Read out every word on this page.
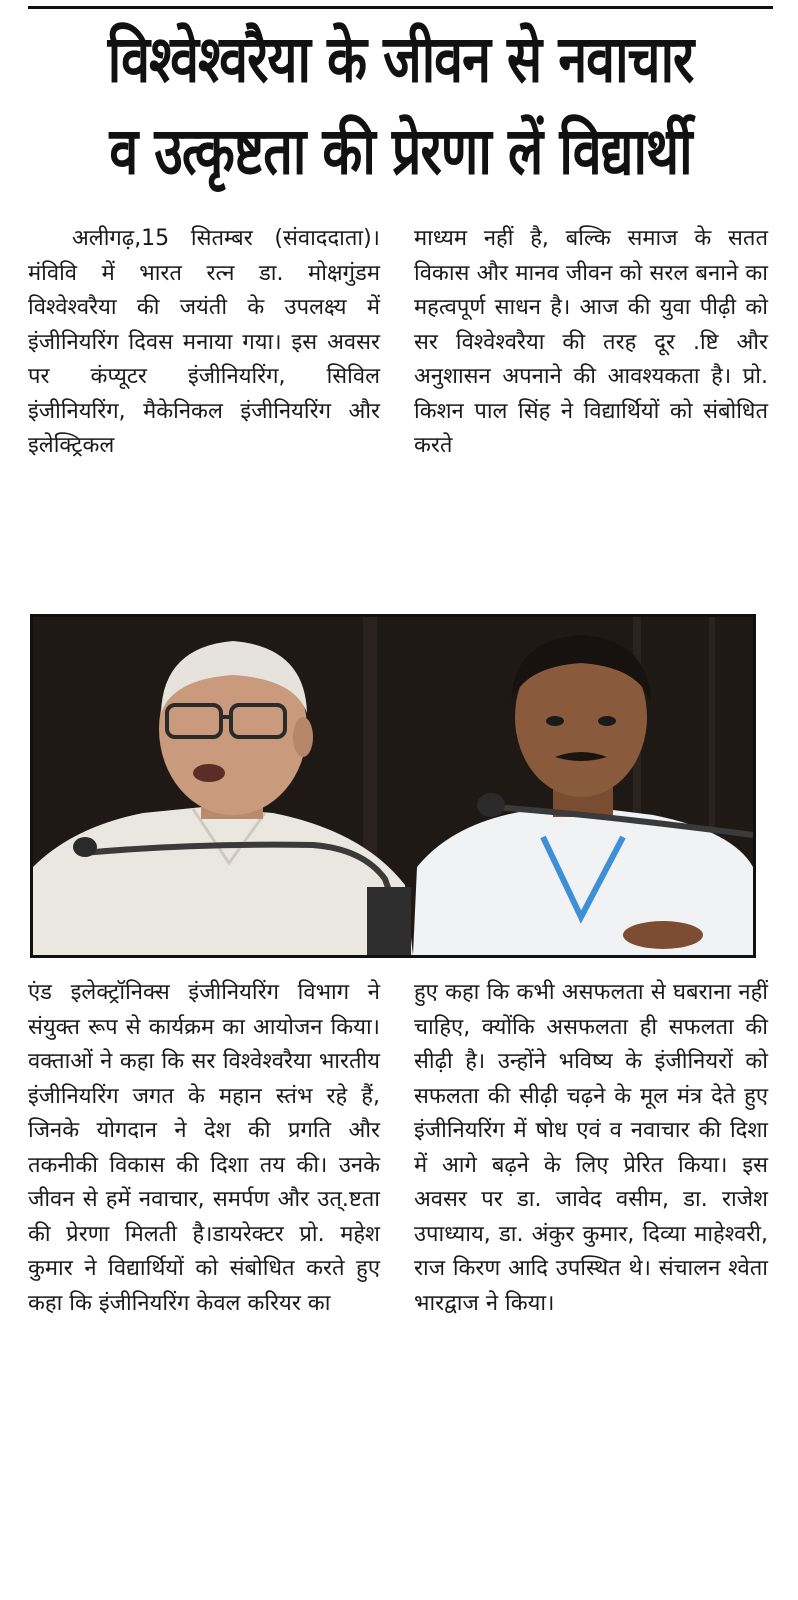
विश्वेश्वरैया के जीवन से नवाचार
व उत्कृष्टता की प्रेरणा लें विद्यार्थी

अलीगढ़,15 सितम्बर (संवाददाता)। मंविवि में भारत रत्न डा. मोक्षगुंडम विश्वेश्वरैया की जयंती के उपलक्ष्य में इंजीनियरिंग दिवस मनाया गया। इस अवसर पर कंप्यूटर इंजीनियरिंग, सिविल इंजीनियरिंग, मैकेनिकल इंजीनियरिंग और इलेक्ट्रिकल

माध्यम नहीं है, बल्कि समाज के सतत विकास और मानव जीवन को सरल बनाने का महत्वपूर्ण साधन है। आज की युवा पीढ़ी को सर विश्वेश्वरैया की तरह दूर .ष्टि और अनुशासन अपनाने की आवश्यकता है। प्रो. किशन पाल सिंह ने विद्यार्थियों को संबोधित करते

एंड इलेक्ट्रॉनिक्स इंजीनियरिंग विभाग ने संयुक्त रूप से कार्यक्रम का आयोजन किया। वक्ताओं ने कहा कि सर विश्वेश्वरैया भारतीय इंजीनियरिंग जगत के महान स्तंभ रहे हैं, जिनके योगदान ने देश की प्रगति और तकनीकी विकास की दिशा तय की। उनके जीवन से हमें नवाचार, समर्पण और उत्.ष्टता की प्रेरणा मिलती है।डायरेक्टर प्रो. महेश कुमार ने विद्यार्थियों को संबोधित करते हुए कहा कि इंजीनियरिंग केवल करियर का

हुए कहा कि कभी असफलता से घबराना नहीं चाहिए, क्योंकि असफलता ही सफलता की सीढ़ी है। उन्होंने भविष्य के इंजीनियरों को सफलता की सीढ़ी चढ़ने के मूल मंत्र देते हुए इंजीनियरिंग में षोध एवं व नवाचार की दिशा में आगे बढ़ने के लिए प्रेरित किया। इस अवसर पर डा. जावेद वसीम, डा. राजेश उपाध्याय, डा. अंकुर कुमार, दिव्या माहेश्वरी, राज किरण आदि उपस्थित थे। संचालन श्वेता भारद्वाज ने किया।
